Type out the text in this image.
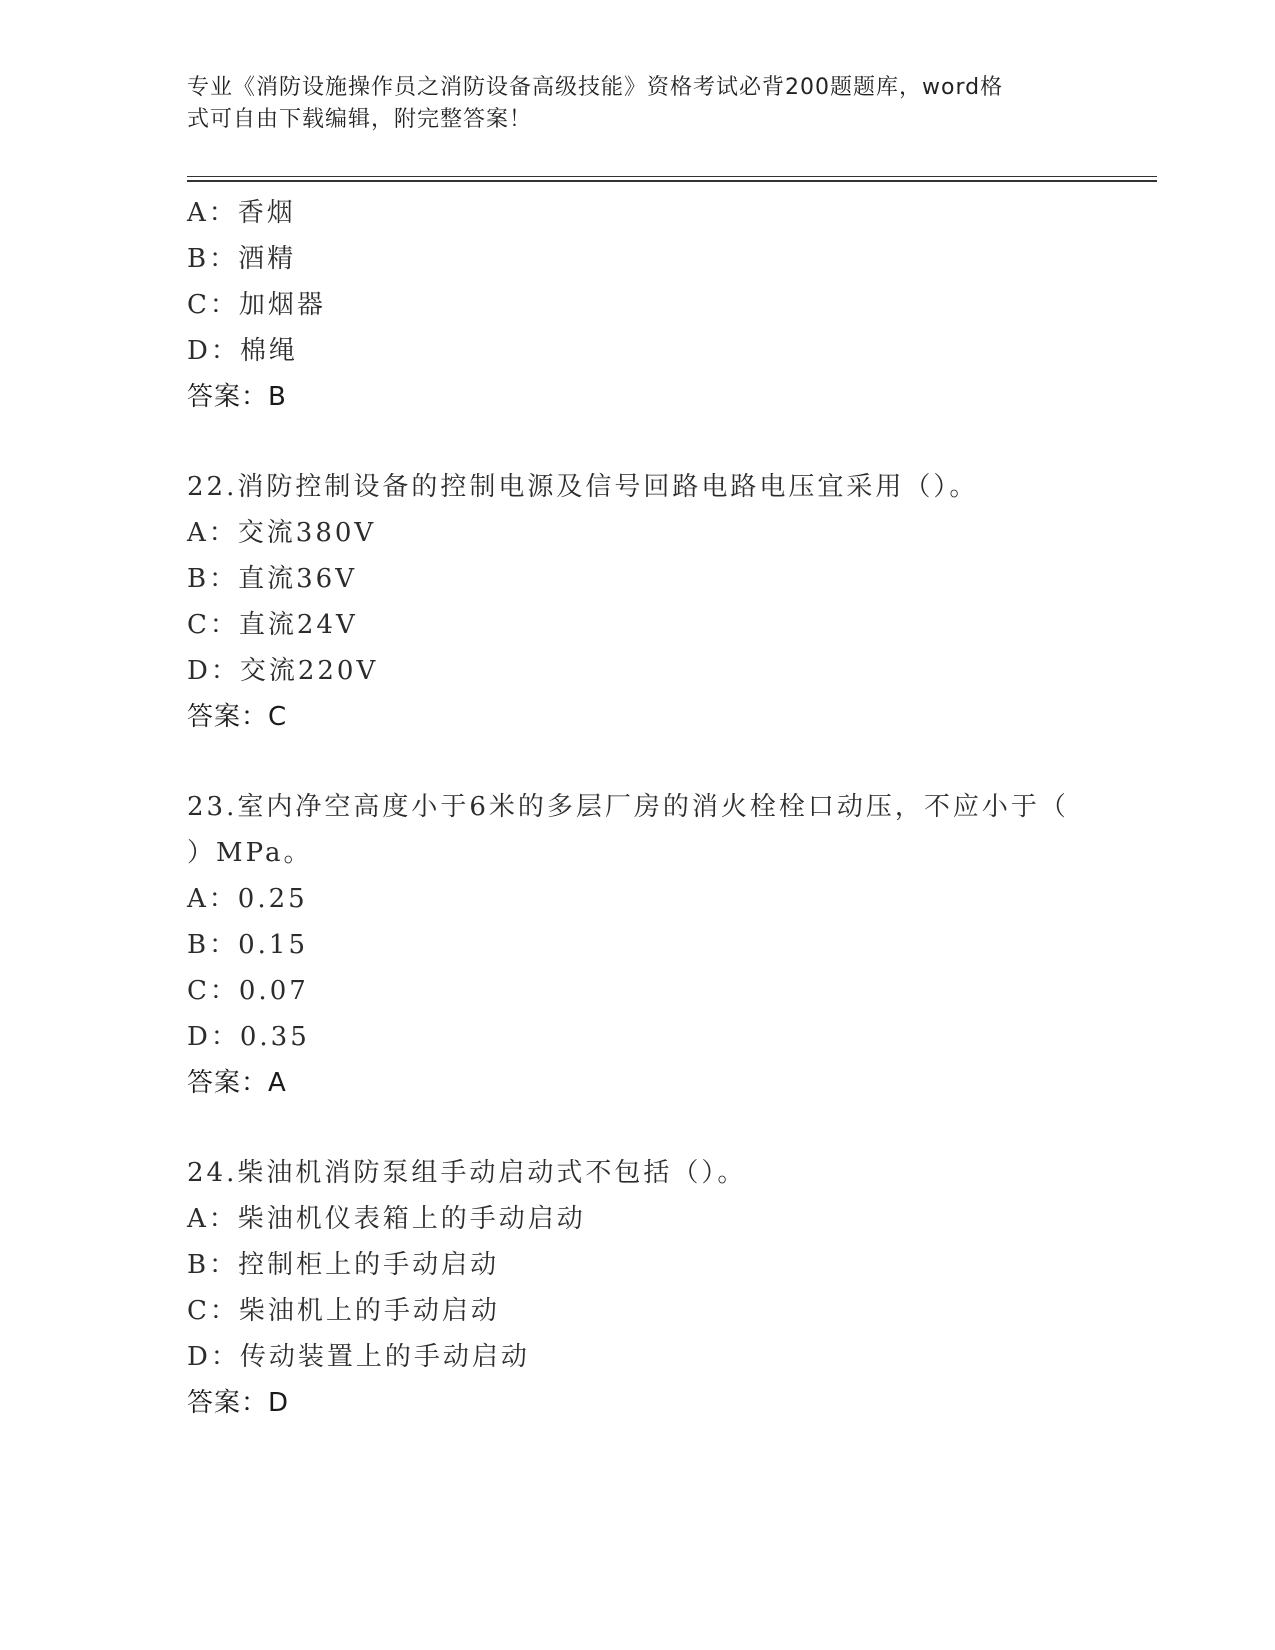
专业《消防设施操作员之消防设备高级技能》资格考试必背200题题库，word格
式可自由下载编辑，附完整答案！
A：香烟
B：酒精
C：加烟器
D：棉绳
答案：B
22.消防控制设备的控制电源及信号回路电路电压宜采用（）。
A：交流380V
B：直流36V
C：直流24V
D：交流220V
答案：C
23.室内净空高度小于6米的多层厂房的消火栓栓口动压，不应小于（
）MPa。
A：0.25
B：0.15
C：0.07
D：0.35
答案：A
24.柴油机消防泵组手动启动式不包括（）。
A：柴油机仪表箱上的手动启动
B：控制柜上的手动启动
C：柴油机上的手动启动
D：传动装置上的手动启动
答案：D
